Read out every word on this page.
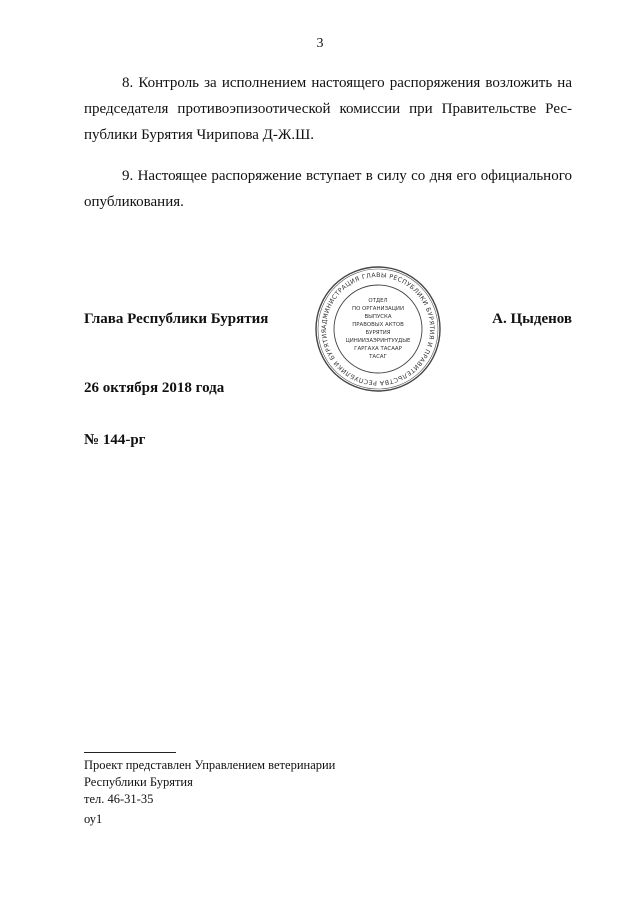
3

8. Контроль за исполнением настоящего распоряжения возложить на председателя противоэпизоотической комиссии при Правительстве Рес-публики Бурятия Чирипова Д-Ж.Ш.

9. Настоящее распоряжение вступает в силу со дня его официального опубликования.

Глава Республики Бурятия	АДМИНИСТРАЦИЯ ГЛАВЫ РЕСПУБЛИКИ БУРЯТИЯ И ПРАВИТЕЛЬСТВА РЕСПУБЛИКИ БУРЯТИЯ
ОТДЕЛ
ПО ОРГАНИЗАЦИИ
ВЫПУСКА
ПРАВОВЫХ АКТОВ
БУРЯТИЯ
ЦИНИИЗАЭРИНТУУДЫЕ
ГАРГАХА ТАСААР
ТАСАГ
А. Цыденов
26 октября 2018 года
№ 144-рг
Проект представлен Управлением ветеринарии
Республики Бурятия
тел. 46-31-35
оу1
